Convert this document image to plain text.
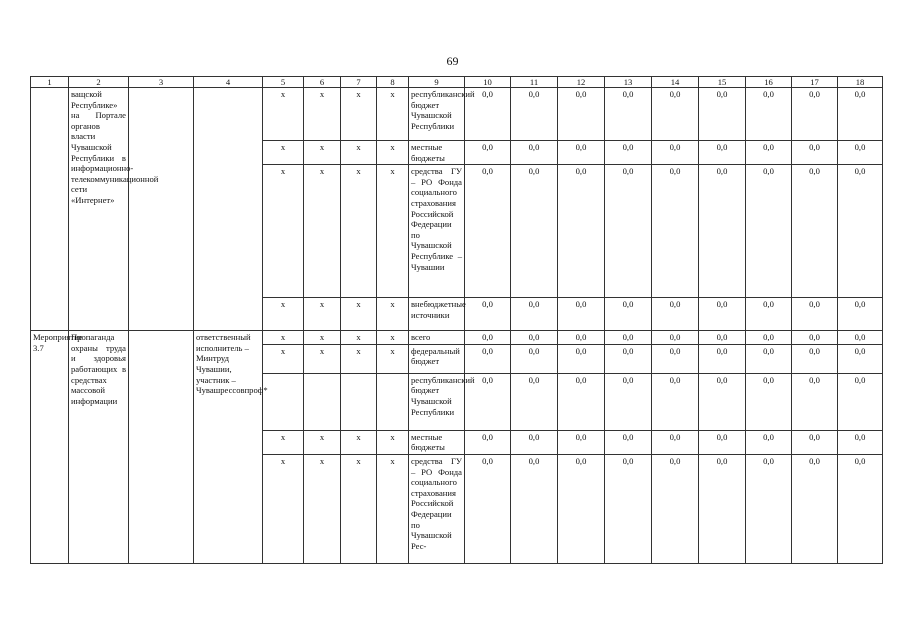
69
1	2	3	4	5	6	7	8	9	10	11	12	13	14	15	16	17	18
	ващской Республике» на Портале органов власти Чувашской Республики в информационно-телекоммуникационной сети «Интернет»			x	x	x	x	республиканский бюджет Чувашской Республики	0,0	0,0	0,0	0,0	0,0	0,0	0,0	0,0	0,0
				x	x	x	x	местные бюджеты	0,0	0,0	0,0	0,0	0,0	0,0	0,0	0,0	0,0
				x	x	x	x	средства ГУ – РО Фонда социального страхования Российской Федерации по Чувашской Республике – Чувашии	0,0	0,0	0,0	0,0	0,0	0,0	0,0	0,0	0,0
				x	x	x	x	внебюджетные источники	0,0	0,0	0,0	0,0	0,0	0,0	0,0	0,0	0,0
Мероприятие 3.7	Пропаганда охраны труда и здоровья работающих в средствах массовой информации		ответственный исполнитель – Минтруд Чувашии, участник – Чувашрессовпроф*	x	x	x	x	всего	0,0	0,0	0,0	0,0	0,0	0,0	0,0	0,0	0,0
				x	x	x	x	федеральный бюджет	0,0	0,0	0,0	0,0	0,0	0,0	0,0	0,0	0,0
								республиканский бюджет Чувашской Республики	0,0	0,0	0,0	0,0	0,0	0,0	0,0	0,0	0,0
				x	x	x	x	местные бюджеты	0,0	0,0	0,0	0,0	0,0	0,0	0,0	0,0	0,0
				x	x	x	x	средства ГУ – РО Фонда социального страхования Российской Федерации по Чувашской Рес-	0,0	0,0	0,0	0,0	0,0	0,0	0,0	0,0	0,0
